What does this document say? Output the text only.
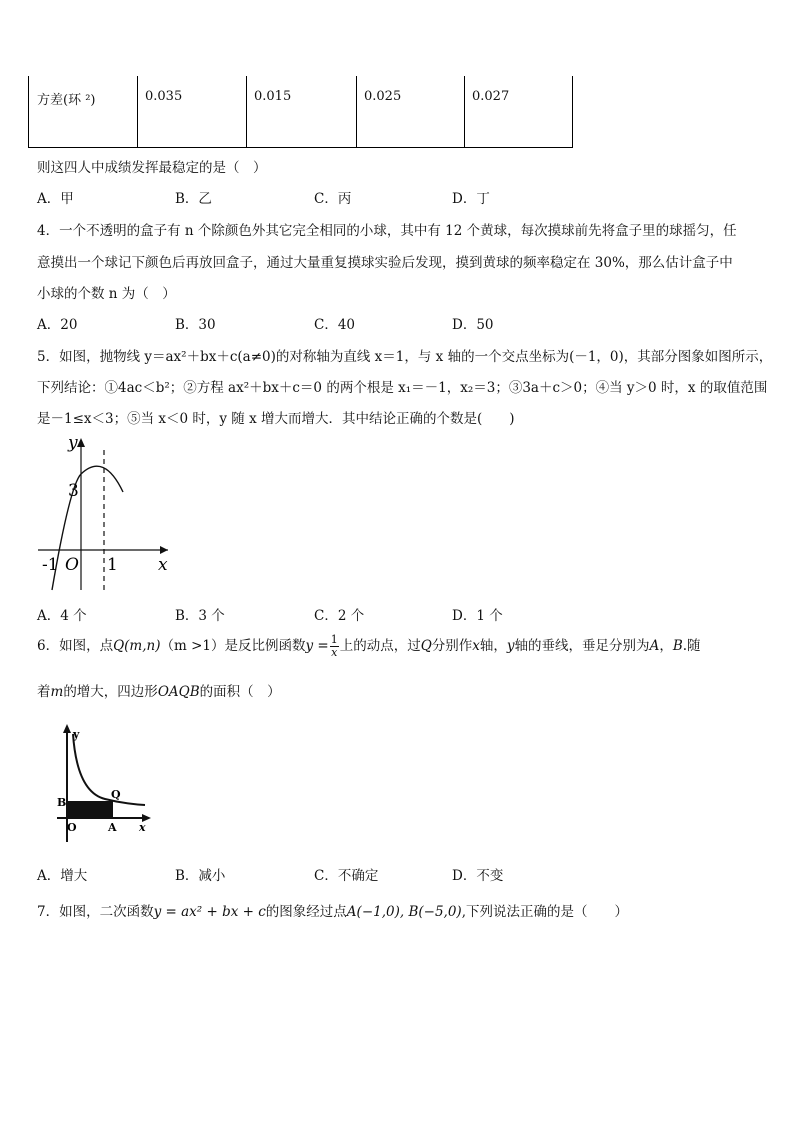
方差(环 ²)	0.035	0.015	0.025	0.027
则这四人中成绩发挥最稳定的是（　）
A．甲	B．乙	C．丙	D．丁
4．一个不透明的盒子有 n 个除颜色外其它完全相同的小球，其中有 12 个黄球，每次摸球前先将盒子里的球摇匀，任
意摸出一个球记下颜色后再放回盒子，通过大量重复摸球实验后发现，摸到黄球的频率稳定在 30%，那么估计盒子中
小球的个数 n 为（　）
A．20	B．30	C．40	D．50
5．如图，抛物线 y＝ax²＋bx＋c(a≠0)的对称轴为直线 x＝1，与 x 轴的一个交点坐标为(－1，0)，其部分图象如图所示，
下列结论：①4ac＜b²；②方程 ax²＋bx＋c＝0 的两个根是 x₁＝－1，x₂＝3；③3a＋c＞0；④当 y＞0 时，x 的取值范围
是－1≤x＜3；⑤当 x＜0 时，y 随 x 增大而增大．其中结论正确的个数是(　　)
y
3
x
-1 O 1
A．4 个	B．3 个	C．2 个	D．1 个
6．如图，点Q(m,n)（m >1）是反比例函数$y = \frac{1}{x}$ 上的动点，过Q分别作x轴，y轴的垂线，垂足分别为A，B.随
着m的增大，四边形OAQB的面积（　）
y
B
Q
O	A x
A．增大	B．减小	C．不确定	D．不变
7．如图，二次函数y = ax² + bx + c的图象经过点A(−1,0), B(−5,0),下列说法正确的是（　　）
